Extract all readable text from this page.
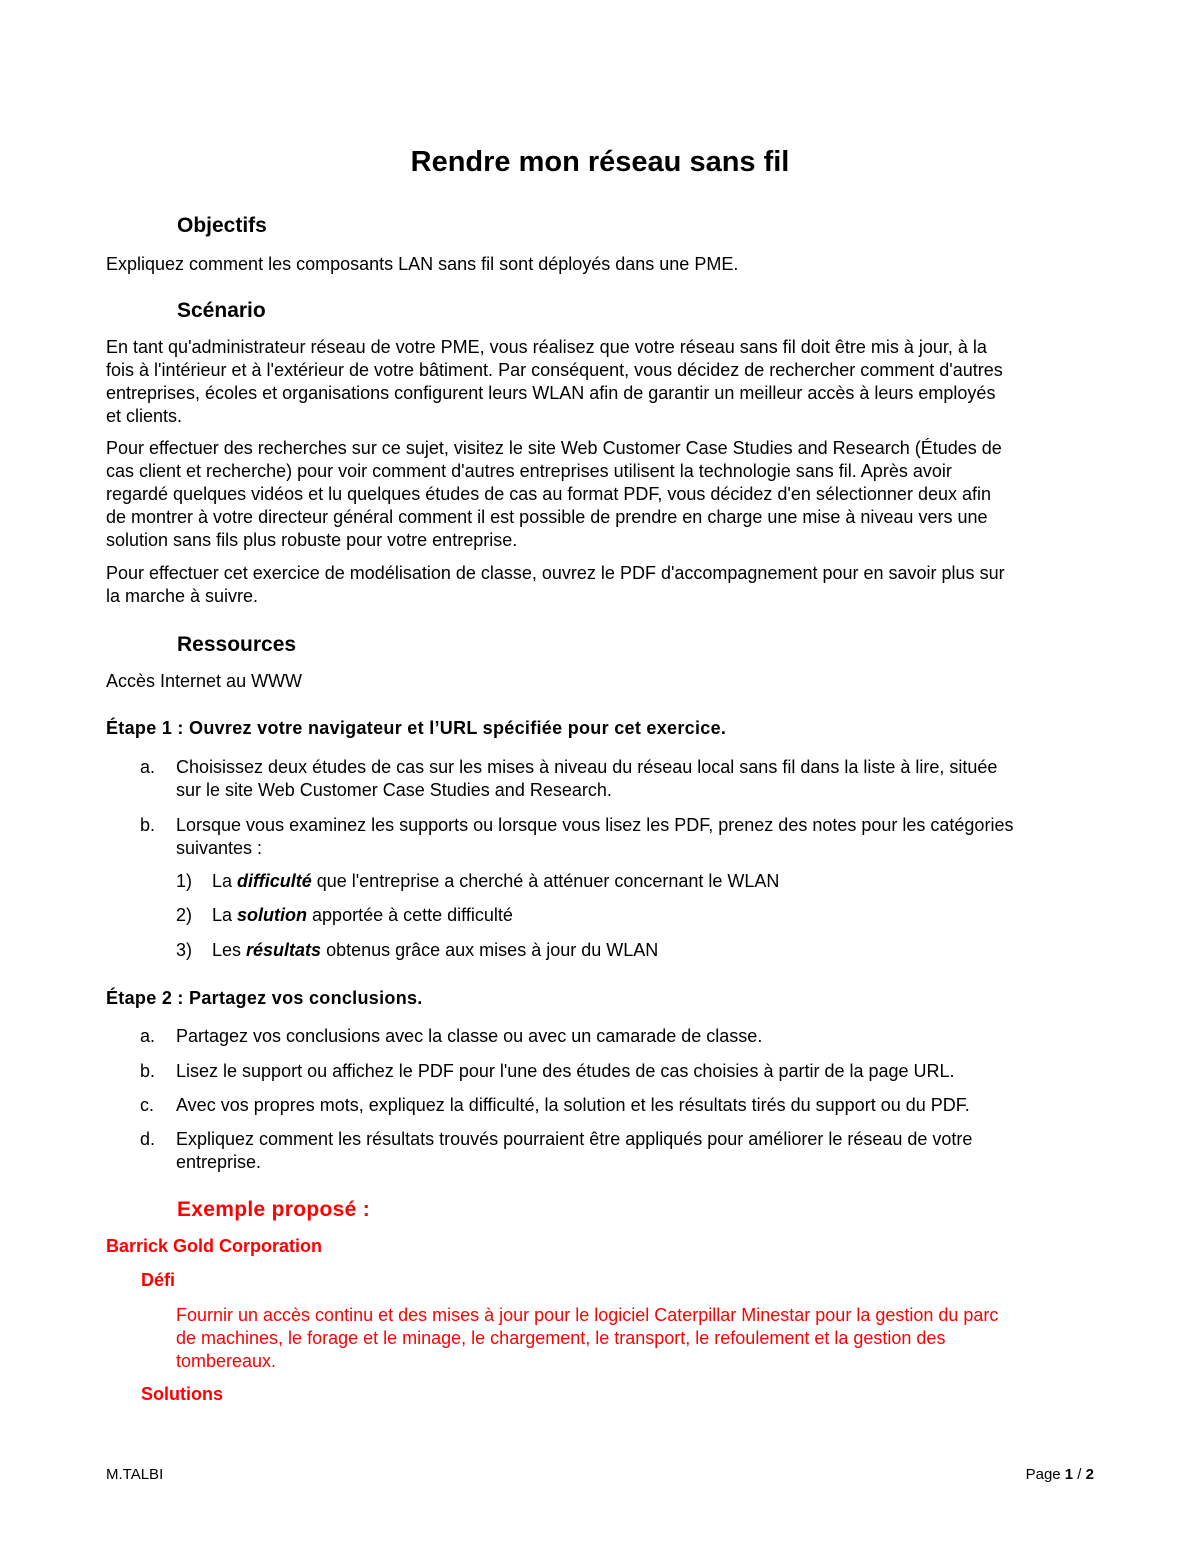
Rendre mon réseau sans fil
Objectifs
Expliquez comment les composants LAN sans fil sont déployés dans une PME.
Scénario
En tant qu'administrateur réseau de votre PME, vous réalisez que votre réseau sans fil doit être mis à jour, à la
fois à l'intérieur et à l'extérieur de votre bâtiment. Par conséquent, vous décidez de rechercher comment d'autres
entreprises, écoles et organisations configurent leurs WLAN afin de garantir un meilleur accès à leurs employés
et clients.
Pour effectuer des recherches sur ce sujet, visitez le site Web Customer Case Studies and Research (Études de
cas client et recherche) pour voir comment d'autres entreprises utilisent la technologie sans fil. Après avoir
regardé quelques vidéos et lu quelques études de cas au format PDF, vous décidez d'en sélectionner deux afin
de montrer à votre directeur général comment il est possible de prendre en charge une mise à niveau vers une
solution sans fils plus robuste pour votre entreprise.
Pour effectuer cet exercice de modélisation de classe, ouvrez le PDF d'accompagnement pour en savoir plus sur
la marche à suivre.
Ressources
Accès Internet au WWW
Étape 1 : Ouvrez votre navigateur et l’URL spécifiée pour cet exercice.
a.	Choisissez deux études de cas sur les mises à niveau du réseau local sans fil dans la liste à lire, située
sur le site Web Customer Case Studies and Research.
b.	Lorsque vous examinez les supports ou lorsque vous lisez les PDF, prenez des notes pour les catégories
suivantes :
1) La difficulté que l'entreprise a cherché à atténuer concernant le WLAN
2) La solution apportée à cette difficulté
3) Les résultats obtenus grâce aux mises à jour du WLAN
Étape 2 : Partagez vos conclusions.
a.	Partagez vos conclusions avec la classe ou avec un camarade de classe.
b.	Lisez le support ou affichez le PDF pour l'une des études de cas choisies à partir de la page URL.
c.	Avec vos propres mots, expliquez la difficulté, la solution et les résultats tirés du support ou du PDF.
d.	Expliquez comment les résultats trouvés pourraient être appliqués pour améliorer le réseau de votre
entreprise.
Exemple proposé :
Barrick Gold Corporation
Défi
Fournir un accès continu et des mises à jour pour le logiciel Caterpillar Minestar pour la gestion du parc
de machines, le forage et le minage, le chargement, le transport, le refoulement et la gestion des
tombereaux.
Solutions
M.TALBI	Page 1 / 2
